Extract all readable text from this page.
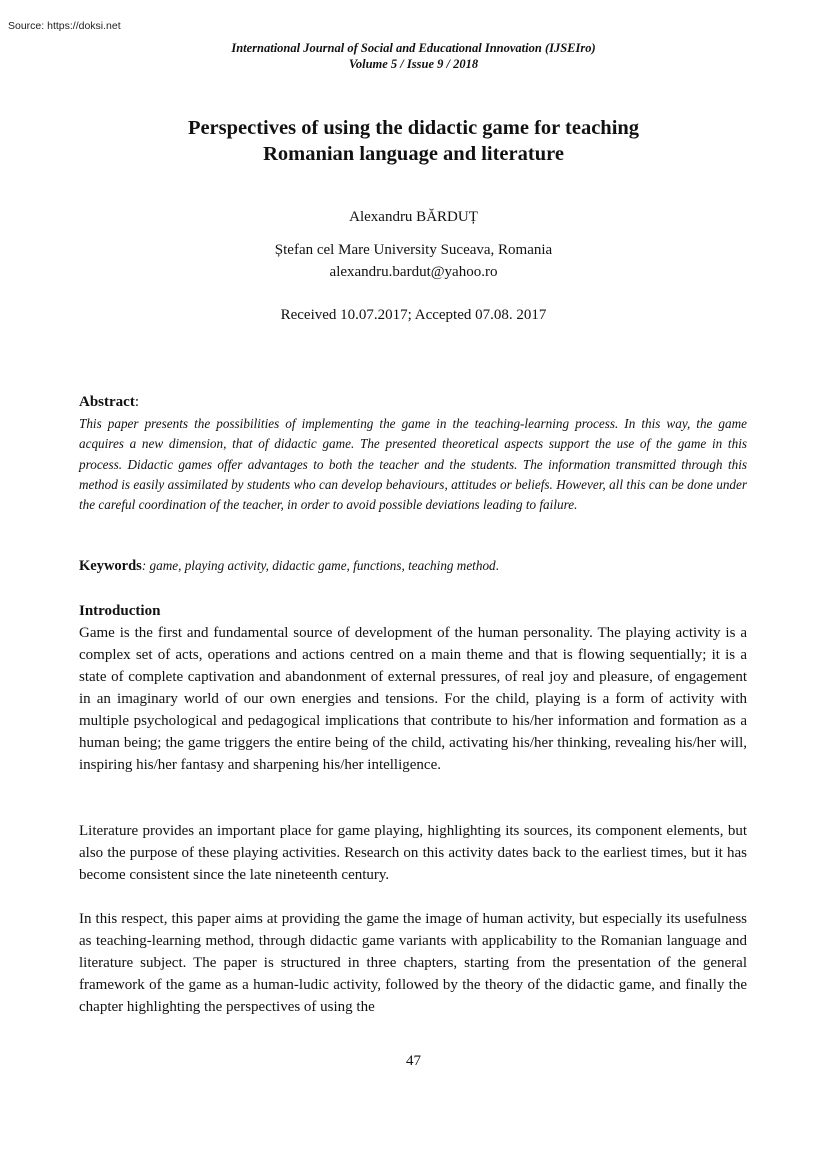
Source: https://doksi.net
International Journal of Social and Educational Innovation (IJSEIro)
Volume 5 / Issue 9 / 2018
Perspectives of using the didactic game for teaching
Romanian language and literature
Alexandru BĂRDUȚ
Ștefan cel Mare University Suceava, Romania
alexandru.bardut@yahoo.ro
Received 10.07.2017; Accepted 07.08. 2017
Abstract:
This paper presents the possibilities of implementing the game in the teaching-learning process. In this way, the game acquires a new dimension, that of didactic game. The presented theoretical aspects support the use of the game in this process. Didactic games offer advantages to both the teacher and the students. The information transmitted through this method is easily assimilated by students who can develop behaviours, attitudes or beliefs. However, all this can be done under the careful coordination of the teacher, in order to avoid possible deviations leading to failure.
Keywords: game, playing activity, didactic game, functions, teaching method.
Introduction
Game is the first and fundamental source of development of the human personality. The playing activity is a complex set of acts, operations and actions centred on a main theme and that is flowing sequentially; it is a state of complete captivation and abandonment of external pressures, of real joy and pleasure, of engagement in an imaginary world of our own energies and tensions. For the child, playing is a form of activity with multiple psychological and pedagogical implications that contribute to his/her information and formation as a human being; the game triggers the entire being of the child, activating his/her thinking, revealing his/her will, inspiring his/her fantasy and sharpening his/her intelligence.
Literature provides an important place for game playing, highlighting its sources, its component elements, but also the purpose of these playing activities. Research on this activity dates back to the earliest times, but it has become consistent since the late nineteenth century.
In this respect, this paper aims at providing the game the image of human activity, but especially its usefulness as teaching-learning method, through didactic game variants with applicability to the Romanian language and literature subject. The paper is structured in three chapters, starting from the presentation of the general framework of the game as a human-ludic activity, followed by the theory of the didactic game, and finally the chapter highlighting the perspectives of using the
47
